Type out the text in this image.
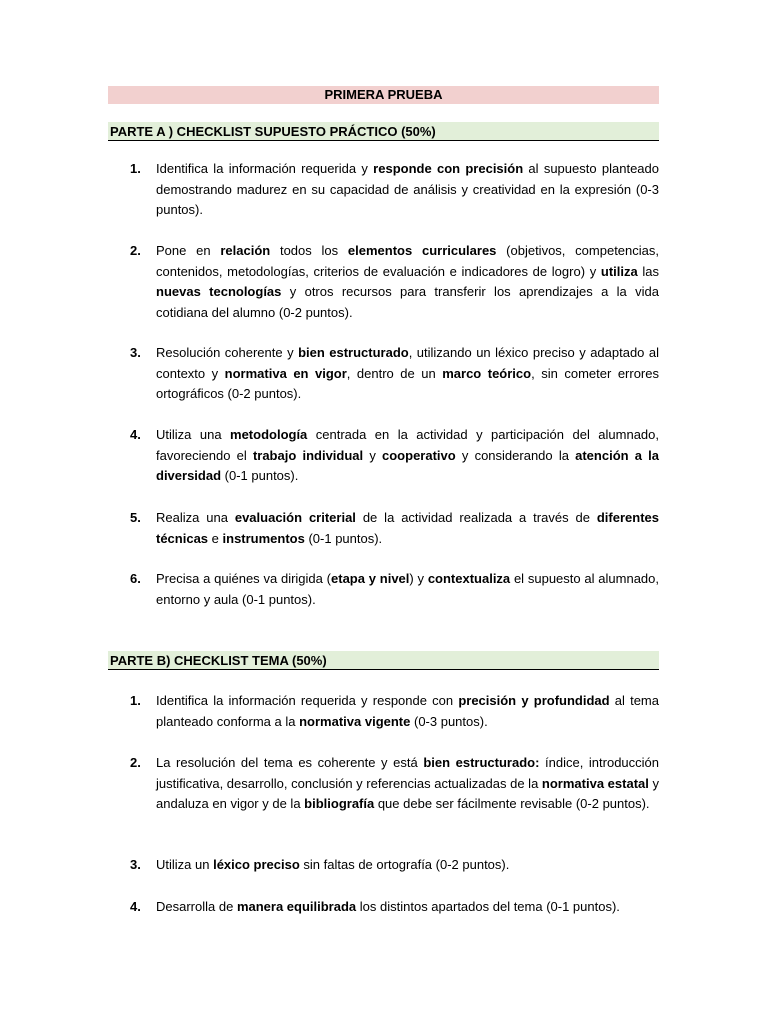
PRIMERA PRUEBA
PARTE A ) CHECKLIST SUPUESTO PRÁCTICO (50%)
1.	Identifica la información requerida y responde con precisión al supuesto planteado demostrando madurez en su capacidad de análisis y creatividad en la expresión (0-3 puntos).
2.	Pone en relación todos los elementos curriculares (objetivos, competencias, contenidos, metodologías, criterios de evaluación e indicadores de logro) y utiliza las nuevas tecnologías y otros recursos para transferir los aprendizajes a la vida cotidiana del alumno (0-2 puntos).
3.	Resolución coherente y bien estructurado, utilizando un léxico preciso y adaptado al contexto y normativa en vigor, dentro de un marco teórico, sin cometer errores ortográficos (0-2 puntos).
4.	Utiliza una metodología centrada en la actividad y participación del alumnado, favoreciendo el trabajo individual y cooperativo y considerando la atención a la diversidad (0-1 puntos).
5.	Realiza una evaluación criterial de la actividad realizada a través de diferentes técnicas e instrumentos (0-1 puntos).
6.	Precisa a quiénes va dirigida (etapa y nivel) y contextualiza el supuesto al alumnado, entorno y aula (0-1 puntos).
PARTE B) CHECKLIST TEMA (50%)
1.	Identifica la información requerida y responde con precisión y profundidad al tema planteado conforma a la normativa vigente (0-3 puntos).
2.	La resolución del tema es coherente y está bien estructurado: índice, introducción justificativa, desarrollo, conclusión y referencias actualizadas de la normativa estatal y andaluza en vigor y de la bibliografía que debe ser fácilmente revisable (0-2 puntos).
3.	Utiliza un léxico preciso sin faltas de ortografía (0-2 puntos).
4.	Desarrolla de manera equilibrada los distintos apartados del tema (0-1 puntos).
